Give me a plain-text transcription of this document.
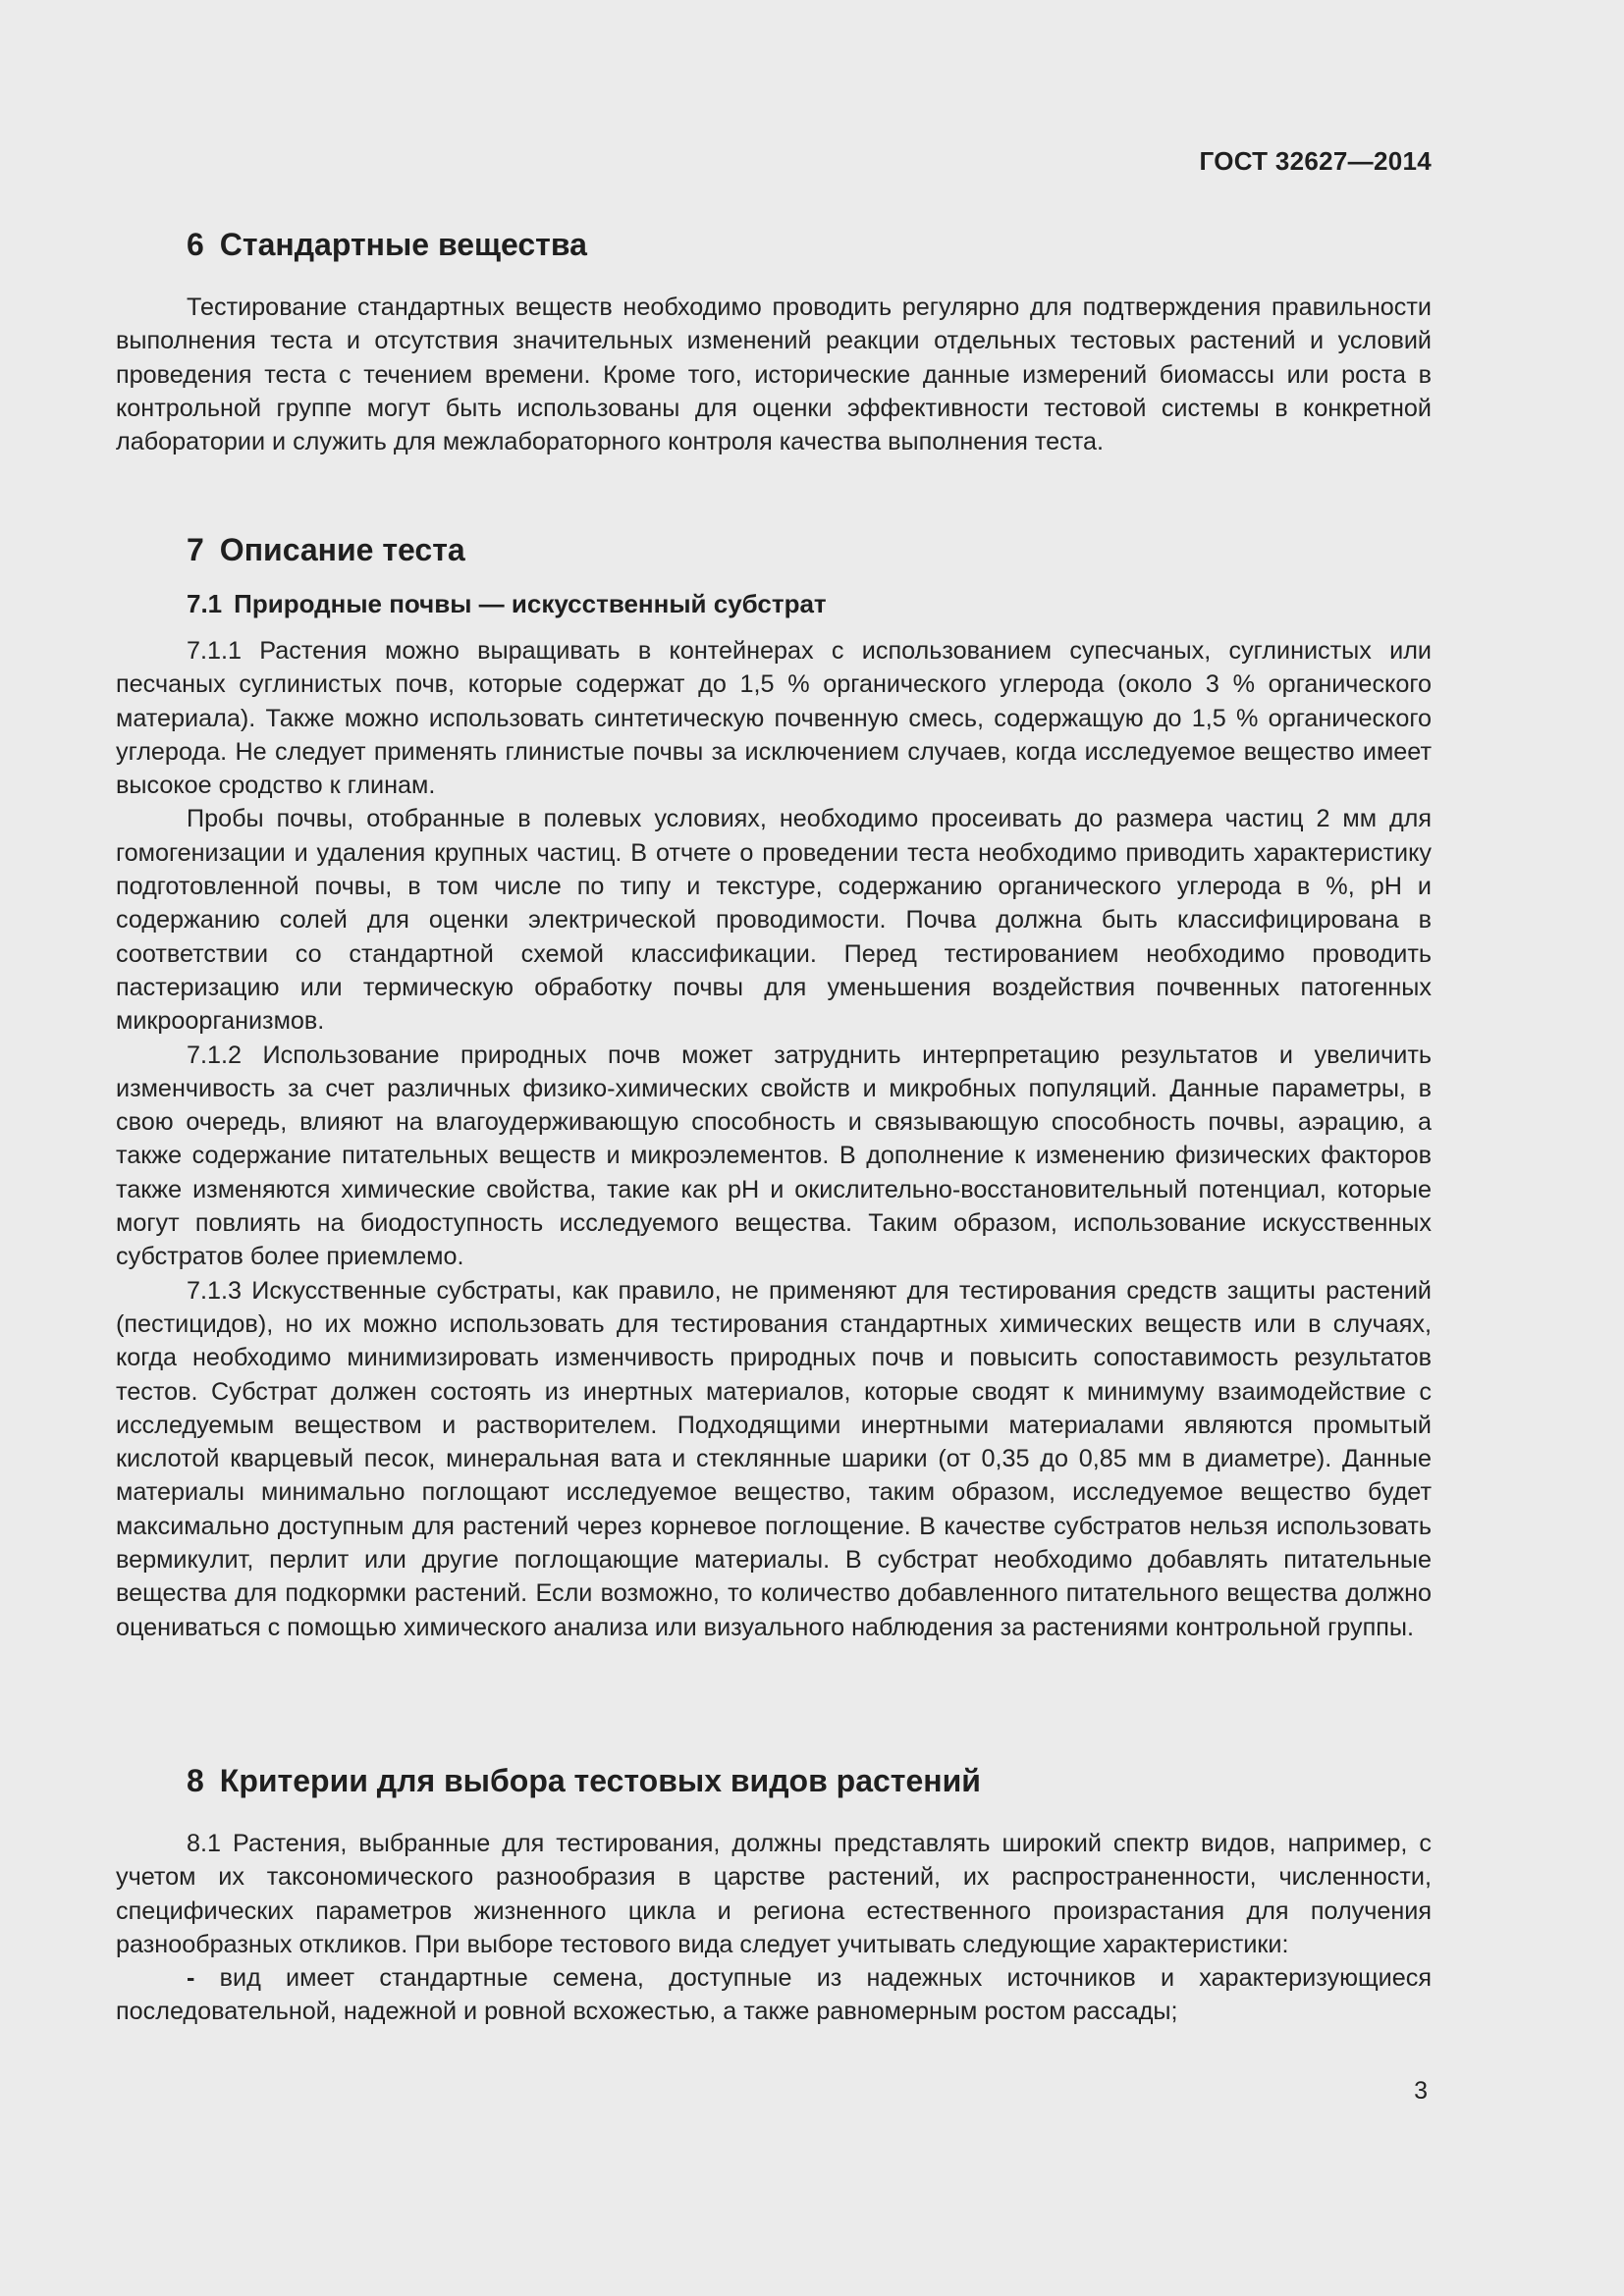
ГОСТ 32627—2014
6 Стандартные вещества

Тестирование стандартных веществ необходимо проводить регулярно для подтверждения правильности выполнения теста и отсутствия значительных изменений реакции отдельных тестовых растений и условий проведения теста с течением времени. Кроме того, исторические данные измерений биомассы или роста в контрольной группе могут быть использованы для оценки эффективности тестовой системы в конкретной лаборатории и служить для межлабораторного контроля качества выполнения теста.

7 Описание теста
7.1 Природные почвы — искусственный субстрат

7.1.1 Растения можно выращивать в контейнерах с использованием супесчаных, суглинистых или песчаных суглинистых почв, которые содержат до 1,5 % органического углерода (около 3 % органического материала). Также можно использовать синтетическую почвенную смесь, содержащую до 1,5 % органического углерода. Не следует применять глинистые почвы за исключением случаев, когда исследуемое вещество имеет высокое сродство к глинам.

Пробы почвы, отобранные в полевых условиях, необходимо просеивать до размера частиц 2 мм для гомогенизации и удаления крупных частиц. В отчете о проведении теста необходимо приводить характеристику подготовленной почвы, в том числе по типу и текстуре, содержанию органического углерода в %, рН и содержанию солей для оценки электрической проводимости. Почва должна быть классифицирована в соответствии со стандартной схемой классификации. Перед тестированием необходимо проводить пастеризацию или термическую обработку почвы для уменьшения воздействия почвенных патогенных микроорганизмов.

7.1.2 Использование природных почв может затруднить интерпретацию результатов и увеличить изменчивость за счет различных физико-химических свойств и микробных популяций. Данные параметры, в свою очередь, влияют на влагоудерживающую способность и связывающую способность почвы, аэрацию, а также содержание питательных веществ и микроэлементов. В дополнение к изменению физических факторов также изменяются химические свойства, такие как рН и окислительно-восстановительный потенциал, которые могут повлиять на биодоступность исследуемого вещества. Таким образом, использование искусственных субстратов более приемлемо.

7.1.3 Искусственные субстраты, как правило, не применяют для тестирования средств защиты растений (пестицидов), но их можно использовать для тестирования стандартных химических веществ или в случаях, когда необходимо минимизировать изменчивость природных почв и повысить сопоставимость результатов тестов. Субстрат должен состоять из инертных материалов, которые сводят к минимуму взаимодействие с исследуемым веществом и растворителем. Подходящими инертными материалами являются промытый кислотой кварцевый песок, минеральная вата и стеклянные шарики (от 0,35 до 0,85 мм в диаметре). Данные материалы минимально поглощают исследуемое вещество, таким образом, исследуемое вещество будет максимально доступным для растений через корневое поглощение. В качестве субстратов нельзя использовать вермикулит, перлит или другие поглощающие материалы. В субстрат необходимо добавлять питательные вещества для подкормки растений. Если возможно, то количество добавленного питательного вещества должно оцениваться с помощью химического анализа или визуального наблюдения за растениями контрольной группы.

8 Критерии для выбора тестовых видов растений

8.1 Растения, выбранные для тестирования, должны представлять широкий спектр видов, например, с учетом их таксономического разнообразия в царстве растений, их распространенности, численности, специфических параметров жизненного цикла и региона естественного произрастания для получения разнообразных откликов. При выборе тестового вида следует учитывать следующие характеристики:

- вид имеет стандартные семена, доступные из надежных источников и характеризующиеся последовательной, надежной и ровной всхожестью, а также равномерным ростом рассады;

3
